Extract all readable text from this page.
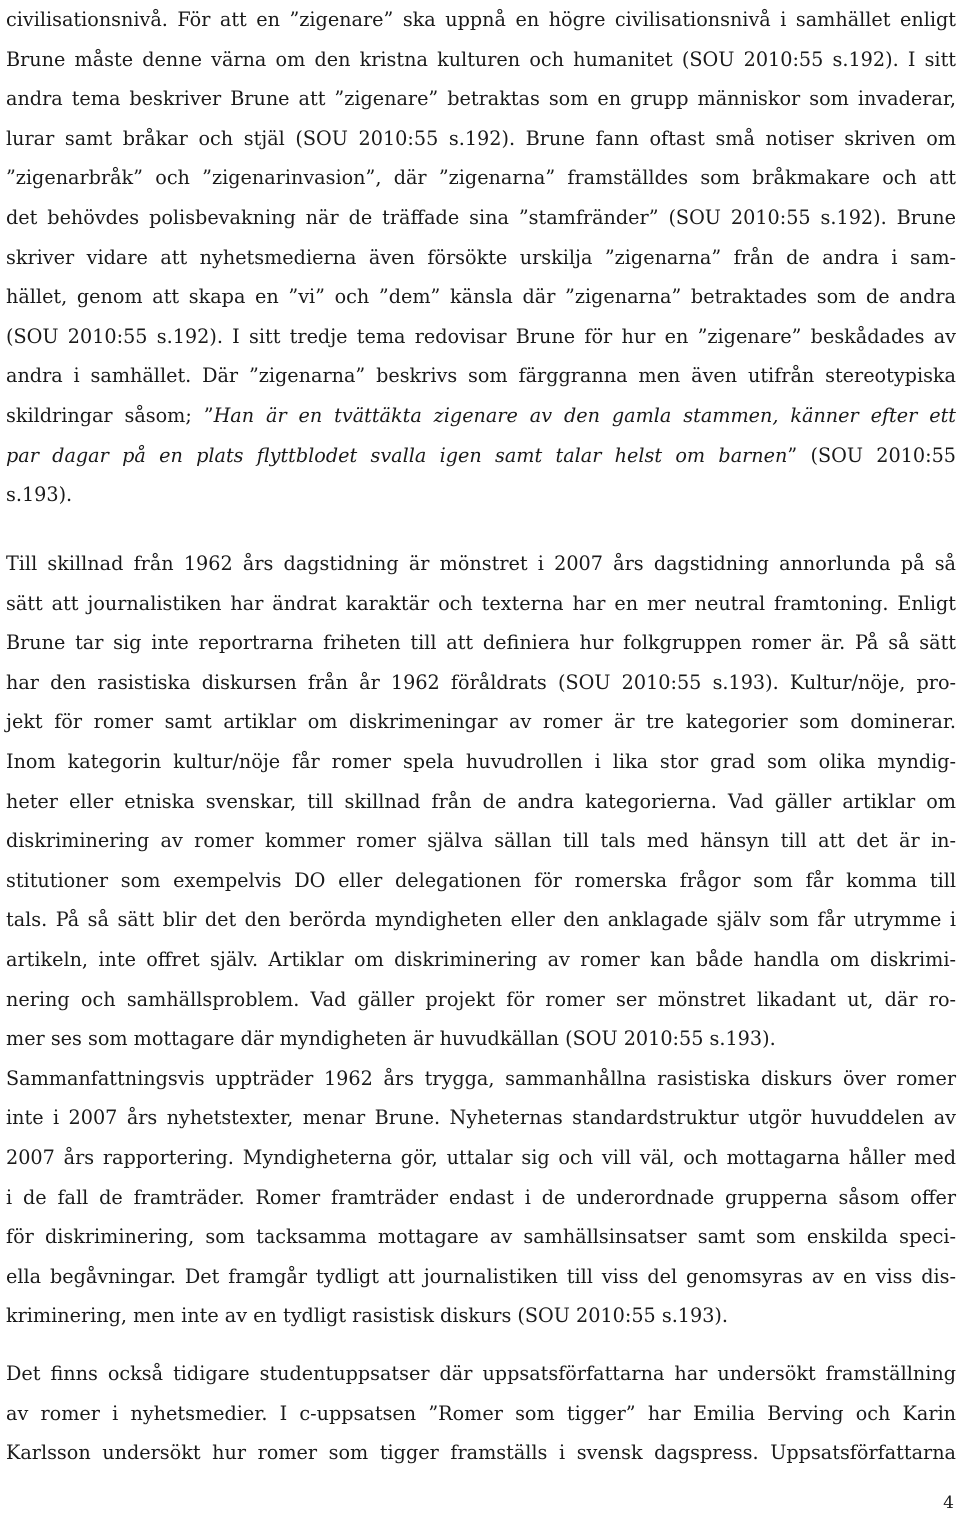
civilisationsnivå. För att en ”zigenare” ska uppnå en högre civilisationsnivå i samhället enligt
Brune måste denne värna om den kristna kulturen och humanitet (SOU 2010:55 s.192). I sitt
andra tema beskriver Brune att ”zigenare” betraktas som en grupp människor som invaderar,
lurar samt bråkar och stjäl (SOU 2010:55 s.192). Brune fann oftast små notiser skriven om
”zigenarbråk” och ”zigenarinvasion”, där ”zigenarna” framställdes som bråkmakare och att
det behövdes polisbevakning när de träffade sina ”stamfränder” (SOU 2010:55 s.192). Brune
skriver vidare att nyhetsmedierna även försökte urskilja ”zigenarna” från de andra i sam-
hället, genom att skapa en ”vi” och ”dem” känsla där ”zigenarna” betraktades som de andra
(SOU 2010:55 s.192). I sitt tredje tema redovisar Brune för hur en ”zigenare” beskådades av
andra i samhället. Där ”zigenarna” beskrivs som färggranna men även utifrån stereotypiska
skildringar såsom; ”Han är en tvättäkta zigenare av den gamla stammen, känner efter ett
par dagar på en plats flyttblodet svalla igen samt talar helst om barnen” (SOU 2010:55
s.193).
Till skillnad från 1962 års dagstidning är mönstret i 2007 års dagstidning annorlunda på så
sätt att journalistiken har ändrat karaktär och texterna har en mer neutral framtoning. Enligt
Brune tar sig inte reportrarna friheten till att definiera hur folkgruppen romer är. På så sätt
har den rasistiska diskursen från år 1962 föråldrats (SOU 2010:55 s.193). Kultur/nöje, pro-
jekt för romer samt artiklar om diskrimeningar av romer är tre kategorier som dominerar.
Inom kategorin kultur/nöje får romer spela huvudrollen i lika stor grad som olika myndig-
heter eller etniska svenskar, till skillnad från de andra kategorierna. Vad gäller artiklar om
diskriminering av romer kommer romer själva sällan till tals med hänsyn till att det är in-
stitutioner som exempelvis DO eller delegationen för romerska frågor som får komma till
tals. På så sätt blir det den berörda myndigheten eller den anklagade själv som får utrymme i
artikeln, inte offret själv. Artiklar om diskriminering av romer kan både handla om diskrimi-
nering och samhällsproblem. Vad gäller projekt för romer ser mönstret likadant ut, där ro-
mer ses som mottagare där myndigheten är huvudkällan (SOU 2010:55 s.193).
Sammanfattningsvis uppträder 1962 års trygga, sammanhållna rasistiska diskurs över romer
inte i 2007 års nyhetstexter, menar Brune. Nyheternas standardstruktur utgör huvuddelen av
2007 års rapportering. Myndigheterna gör, uttalar sig och vill väl, och mottagarna håller med
i de fall de framträder. Romer framträder endast i de underordnade grupperna såsom offer
för diskriminering, som tacksamma mottagare av samhällsinsatser samt som enskilda speci-
ella begåvningar. Det framgår tydligt att journalistiken till viss del genomsyras av en viss dis-
kriminering, men inte av en tydligt rasistisk diskurs (SOU 2010:55 s.193).
Det finns också tidigare studentuppsatser där uppsatsförfattarna har undersökt framställning
av romer i nyhetsmedier. I c-uppsatsen ”Romer som tigger” har Emilia Berving och Karin
Karlsson undersökt hur romer som tigger framställs i svensk dagspress. Uppsatsförfattarna
4
